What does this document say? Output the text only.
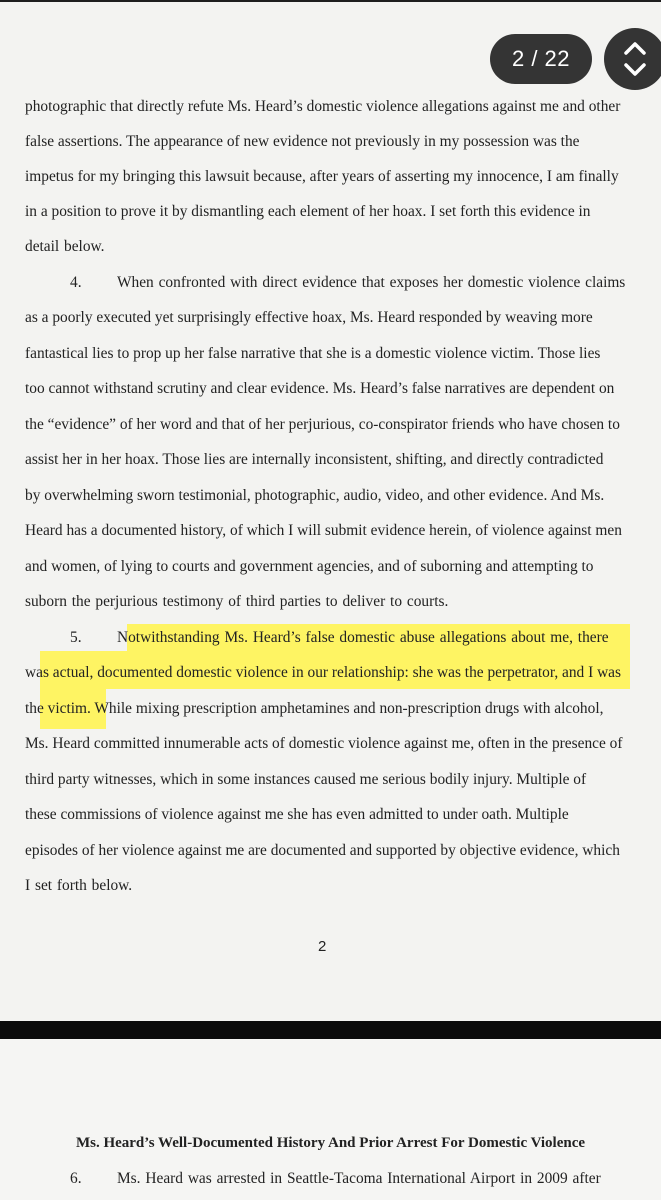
photographic that directly refute Ms. Heard’s domestic violence allegations against me and other
false assertions. The appearance of new evidence not previously in my possession was the
impetus for my bringing this lawsuit because, after years of asserting my innocence, I am finally
in a position to prove it by dismantling each element of her hoax. I set forth this evidence in
detail below.
4.	When confronted with direct evidence that exposes her domestic violence claims
as a poorly executed yet surprisingly effective hoax, Ms. Heard responded by weaving more
fantastical lies to prop up her false narrative that she is a domestic violence victim. Those lies
too cannot withstand scrutiny and clear evidence. Ms. Heard’s false narratives are dependent on
the “evidence” of her word and that of her perjurious, co-conspirator friends who have chosen to
assist her in her hoax. Those lies are internally inconsistent, shifting, and directly contradicted
by overwhelming sworn testimonial, photographic, audio, video, and other evidence. And Ms.
Heard has a documented history, of which I will submit evidence herein, of violence against men
and women, of lying to courts and government agencies, and of suborning and attempting to
suborn the perjurious testimony of third parties to deliver to courts.
5.	Notwithstanding Ms. Heard’s false domestic abuse allegations about me, there
was actual, documented domestic violence in our relationship: she was the perpetrator, and I was
the victim. While mixing prescription amphetamines and non-prescription drugs with alcohol,
Ms. Heard committed innumerable acts of domestic violence against me, often in the presence of
third party witnesses, which in some instances caused me serious bodily injury. Multiple of
these commissions of violence against me she has even admitted to under oath. Multiple
episodes of her violence against me are documented and supported by objective evidence, which
I set forth below.
2
Ms. Heard’s Well-Documented History And Prior Arrest For Domestic Violence
6.	Ms. Heard was arrested in Seattle-Tacoma International Airport in 2009 after
2 / 22
